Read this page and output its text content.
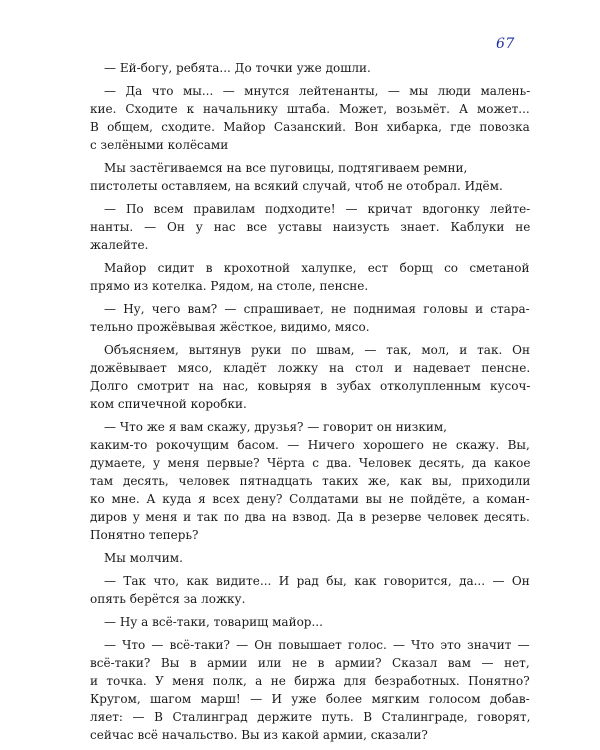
67
— Ей-богу, ребята... До точки уже дошли.
— Да что мы... — мнутся лейтенанты, — мы люди малень-
кие. Сходите к начальнику штаба. Может, возьмёт. А может...
В общем, сходите. Майор Сазанский. Вон хибарка, где повозка
с зелёными колёсами
Мы застёгиваемся на все пуговицы, подтягиваем ремни,
пистолеты оставляем, на всякий случай, чтоб не отобрал. Идём.
— По всем правилам подходите! — кричат вдогонку лейте-
нанты. — Он у нас все уставы наизусть знает. Каблуки не
жалейте.
Майор сидит в крохотной халупке, ест борщ со сметаной
прямо из котелка. Рядом, на столе, пенсне.
— Ну, чего вам? — спрашивает, не поднимая головы и стара-
тельно прожёвывая жёсткое, видимо, мясо.
Объясняем, вытянув руки по швам, — так, мол, и так. Он
дожёвывает мясо, кладёт ложку на стол и надевает пенсне.
Долго смотрит на нас, ковыряя в зубах отколупленным кусоч-
ком спичечной коробки.
— Что же я вам скажу, друзья? — говорит он низким,
каким-то рокочущим басом. — Ничего хорошего не скажу. Вы,
думаете, у меня первые? Чёрта с два. Человек десять, да какое
там десять, человек пятнадцать таких же, как вы, приходили
ко мне. А куда я всех дену? Солдатами вы не пойдёте, а коман-
диров у меня и так по два на взвод. Да в резерве человек десять.
Понятно теперь?
Мы молчим.
— Так что, как видите... И рад бы, как говорится, да... — Он
опять берётся за ложку.
— Ну а всё-таки, товарищ майор...
— Что — всё-таки? — Он повышает голос. — Что это значит —
всё-таки? Вы в армии или не в армии? Сказал вам — нет,
и точка. У меня полк, а не биржа для безработных. Понятно?
Кругом, шагом марш! — И уже более мягким голосом добав-
ляет: — В Сталинград держите путь. В Сталинграде, говорят,
сейчас всё начальство. Вы из какой армии, сказали?
